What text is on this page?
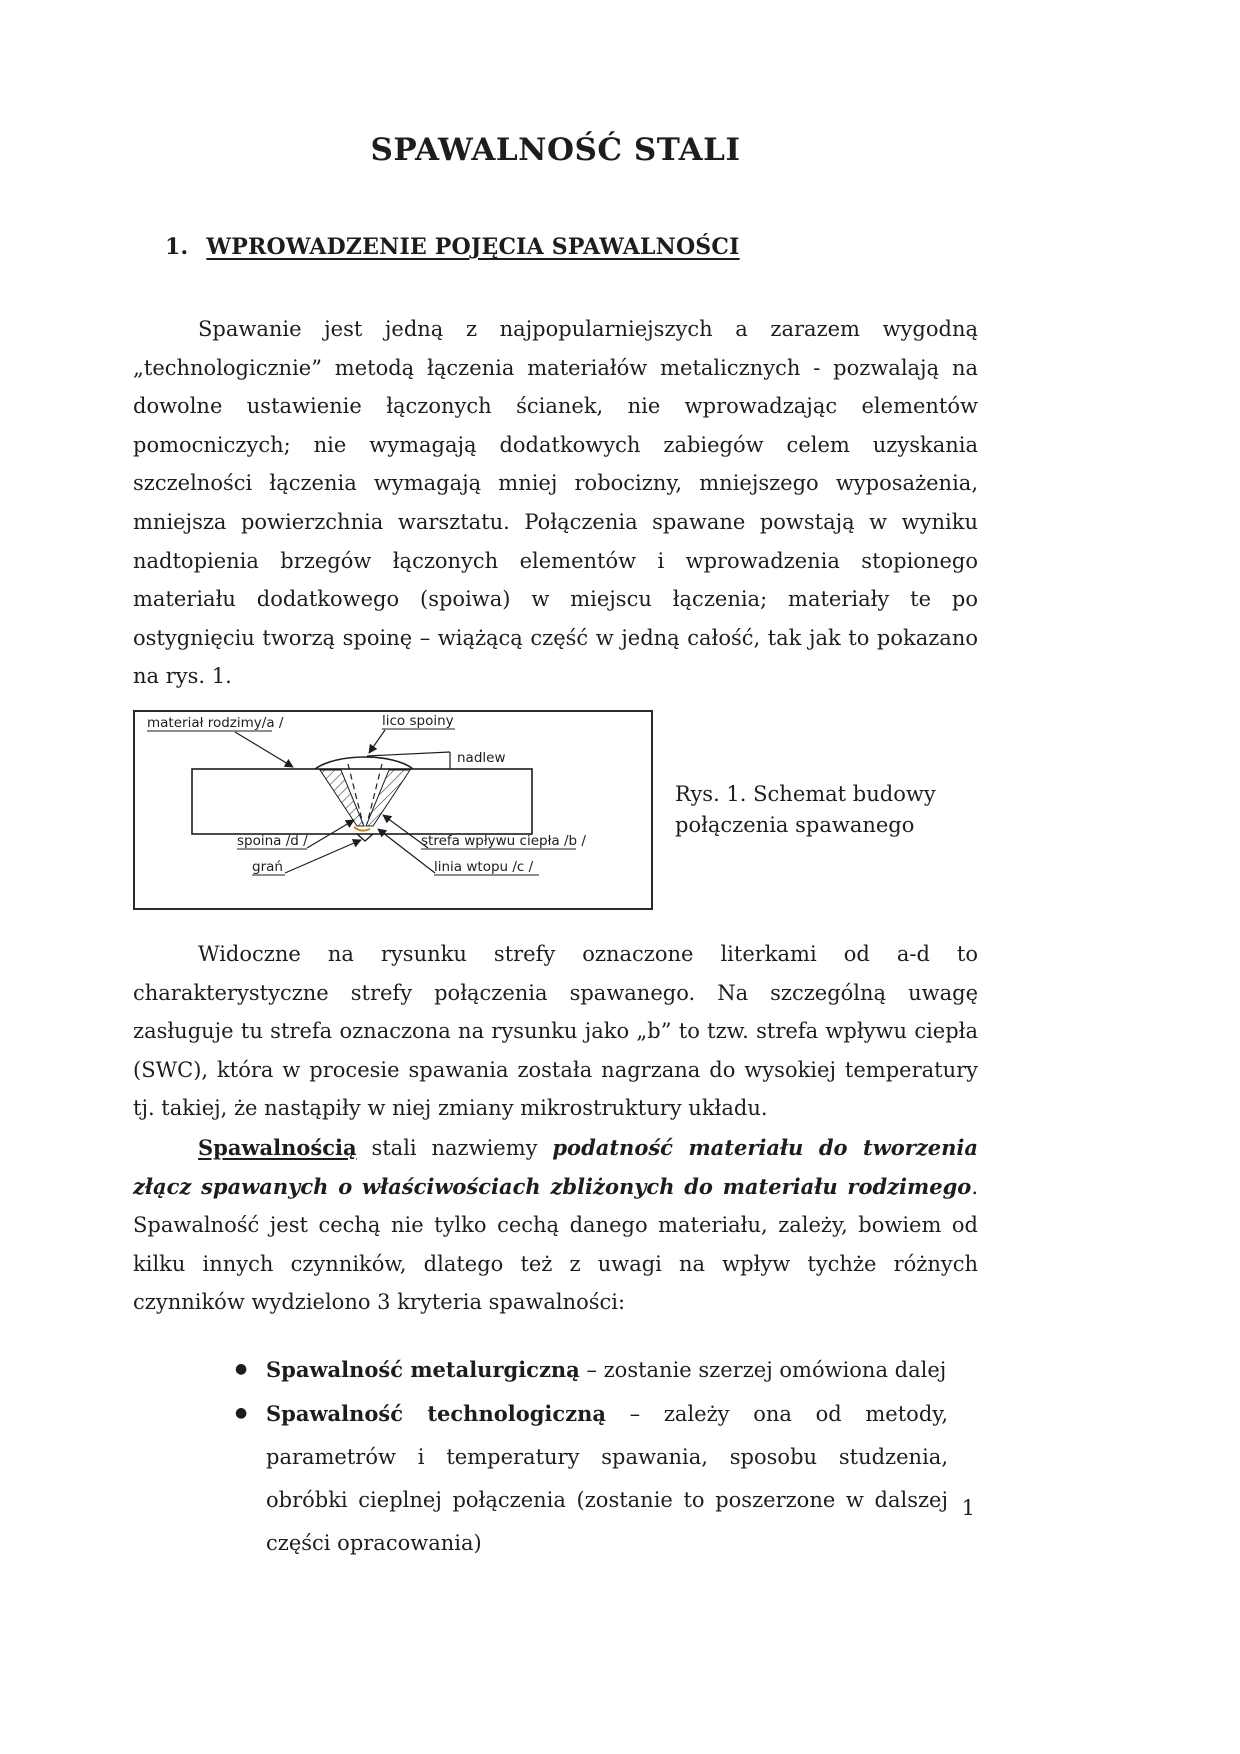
SPAWALNOŚĆ STALI
1. WPROWADZENIE POJĘCIA SPAWALNOŚCI

Spawanie jest jedną z najpopularniejszych a zarazem wygodną „technologicznie” metodą łączenia materiałów metalicznych - pozwalają na dowolne ustawienie łączonych ścianek, nie wprowadzając elementów pomocniczych; nie wymagają dodatkowych zabiegów celem uzyskania szczelności łączenia wymagają mniej robocizny, mniejszego wyposażenia, mniejsza powierzchnia warsztatu. Połączenia spawane powstają w wyniku nadtopienia brzegów łączonych elementów i wprowadzenia stopionego materiału dodatkowego (spoiwa) w miejscu łączenia; materiały te po ostygnięciu tworzą spoinę – wiążącą część w jedną całość, tak jak to pokazano na rys. 1.

materiał rodzimy/a /	lico spoiny
nadlew
spoina /d /
grań
strefa wpływu ciepła /b /
linia wtopu /c /
Rys. 1. Schemat budowy
połączenia spawanego

Widoczne na rysunku strefy oznaczone literkami od a-d to charakterystyczne strefy połączenia spawanego. Na szczególną uwagę zasługuje tu strefa oznaczona na rysunku jako „b” to tzw. strefa wpływu ciepła (SWC), która w procesie spawania została nagrzana do wysokiej temperatury tj. takiej, że nastąpiły w niej zmiany mikrostruktury układu.

Spawalnością stali nazwiemy podatność materiału do tworzenia złącz spawanych o właściwościach zbliżonych do materiału rodzimego. Spawalność jest cechą nie tylko cechą danego materiału, zależy, bowiem od kilku innych czynników, dlatego też z uwagi na wpływ tychże różnych czynników wydzielono 3 kryteria spawalności:

● Spawalność metalurgiczną – zostanie szerzej omówiona dalej
● Spawalność technologiczną – zależy ona od metody, parametrów i temperatury spawania, sposobu studzenia, obróbki cieplnej połączenia (zostanie to poszerzone w dalszej części opracowania)
1
